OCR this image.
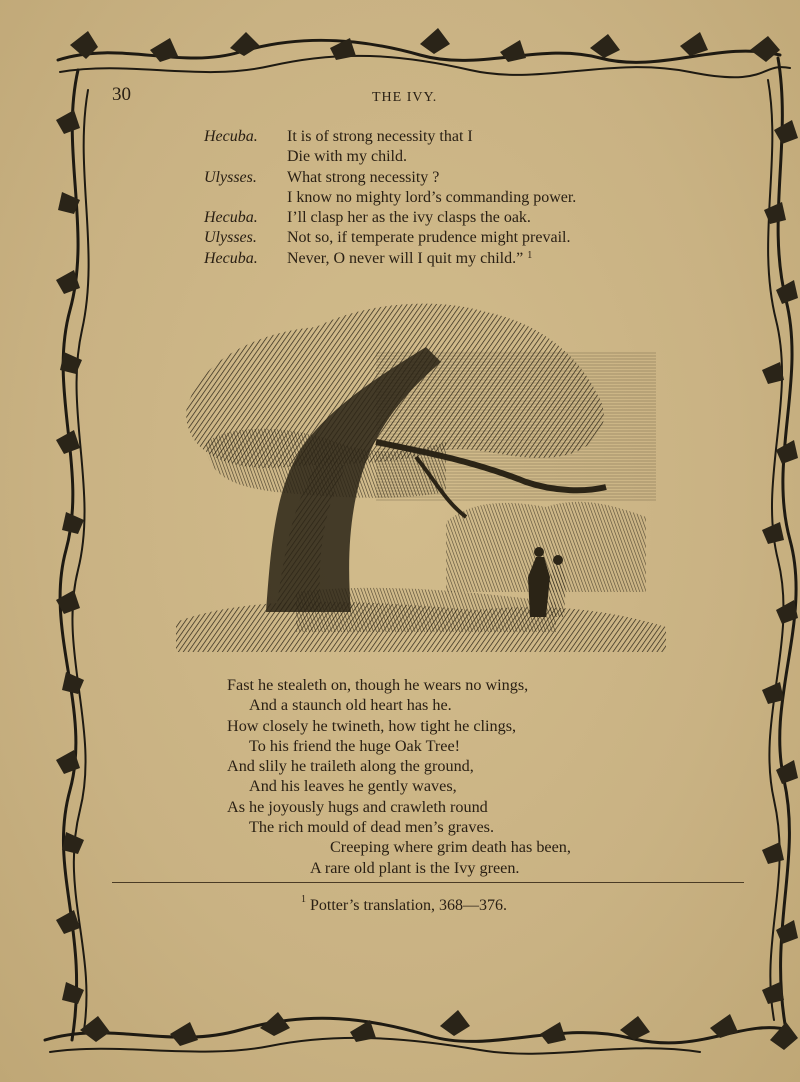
30	THE IVY.
Hecuba.	It is of strong necessity that I
Die with my child.
Ulysses.	What strong necessity ?
I know no mighty lord’s commanding power.
Hecuba.	I’ll clasp her as the ivy clasps the oak.
Ulysses.	Not so, if temperate prudence might prevail.
Hecuba.	Never, O never will I quit my child.” $^1$
Fast he stealeth on, though he wears no wings,
And a staunch old heart has he.
How closely he twineth, how tight he clings,
To his friend the huge Oak Tree!
And slily he traileth along the ground,
And his leaves he gently waves,
As he joyously hugs and crawleth round
The rich mould of dead men’s graves.
Creeping where grim death has been,
A rare old plant is the Ivy green.
$^1$ Potter’s translation, 368—376.
